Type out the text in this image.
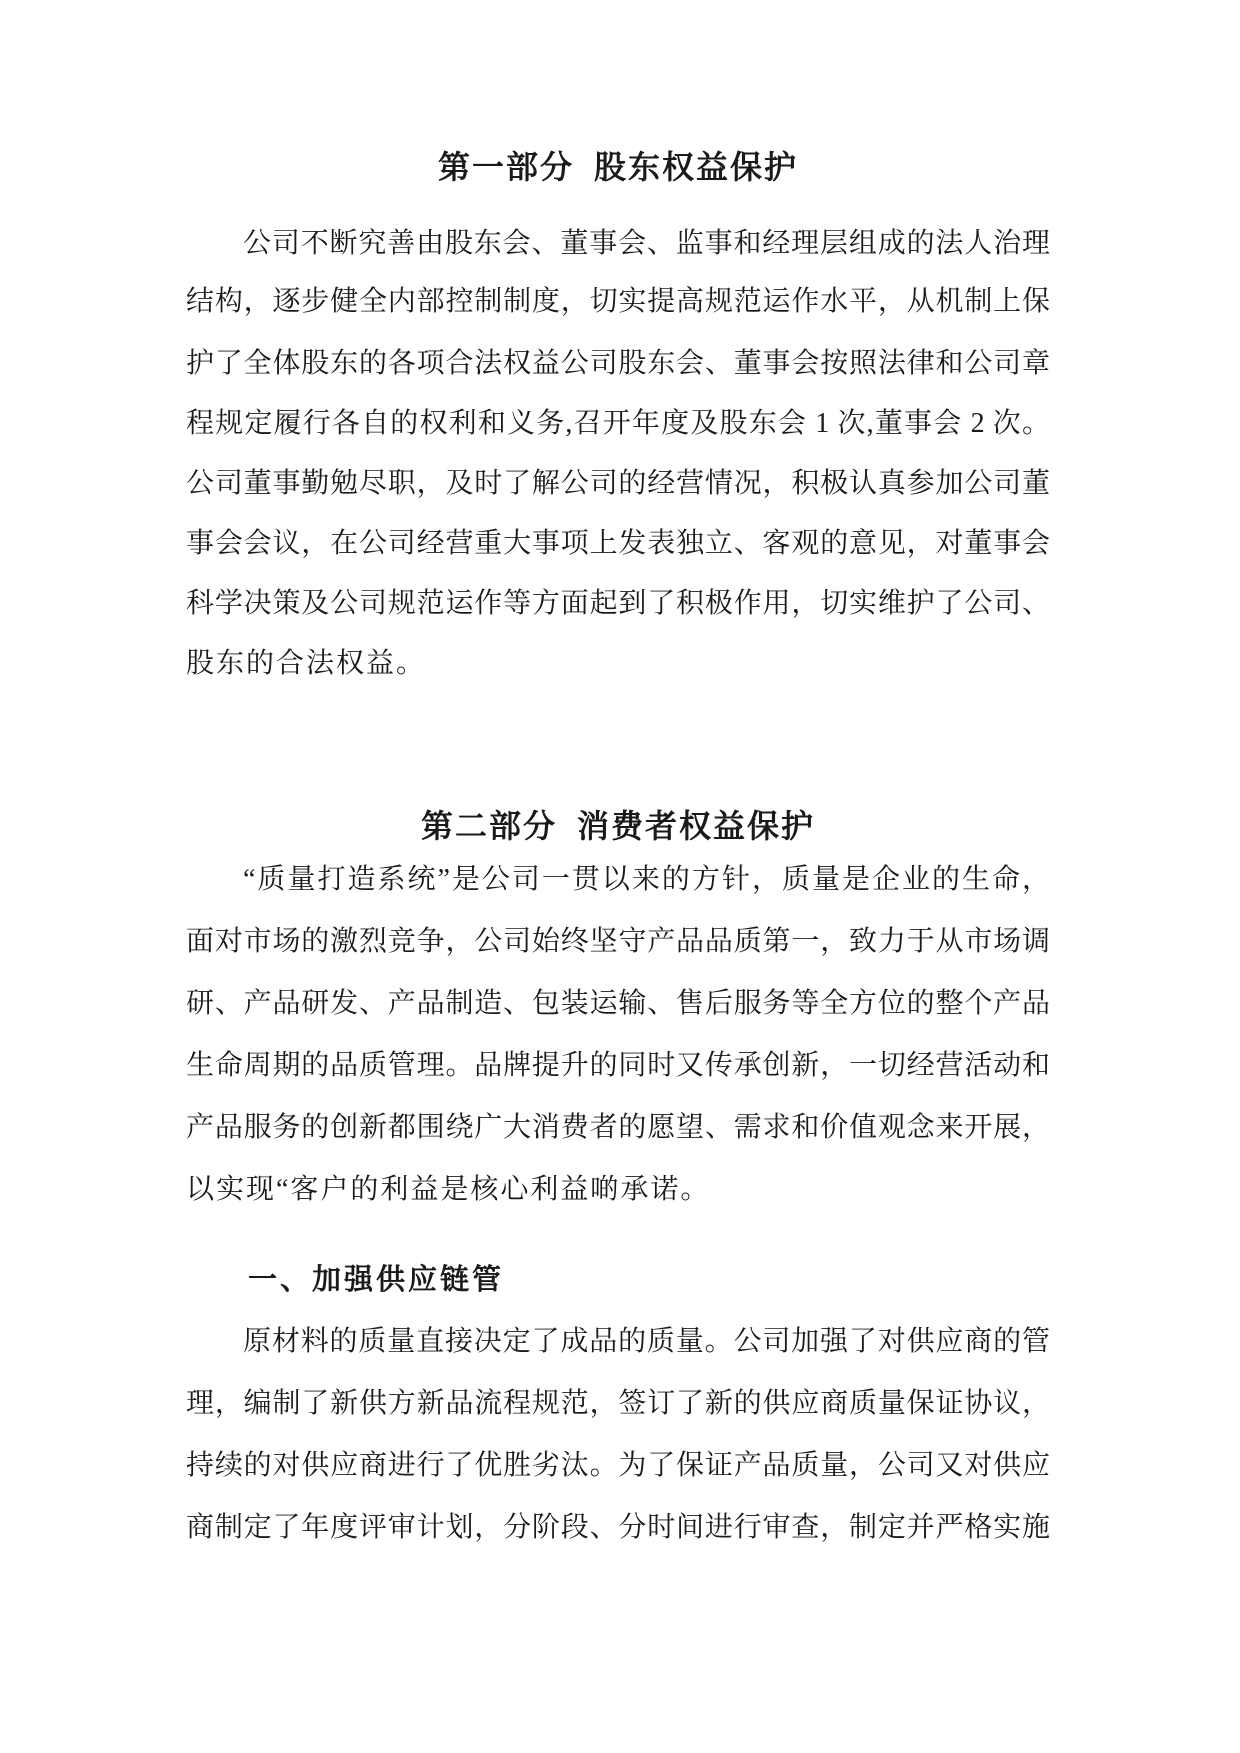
第一部分  股东权益保护
公司不断究善由股东会、董事会、监事和经理层组成的法人治理
结构，逐步健全内部控制制度，切实提高规范运作水平，从机制上保
护了全体股东的各项合法权益公司股东会、董事会按照法律和公司章
程规定履行各自的权利和义务,召开年度及股东会 1 次,董事会 2 次。
公司董事勤勉尽职，及时了解公司的经营情况，积极认真参加公司董
事会会议，在公司经营重大事项上发表独立、客观的意见，对董事会
科学决策及公司规范运作等方面起到了积极作用，切实维护了公司、
股东的合法权益。
第二部分  消费者权益保护
“质量打造系统”是公司一贯以来的方针，质量是企业的生命，
面对市场的激烈竞争，公司始终坚守产品品质第一，致力于从市场调
研、产品研发、产品制造、包装运输、售后服务等全方位的整个产品
生命周期的品质管理。品牌提升的同时又传承创新，一切经营活动和
产品服务的创新都围绕广大消费者的愿望、需求和价值观念来开展，
以实现“客户的利益是核心利益啲承诺。
一、加强供应链管
原材料的质量直接决定了成品的质量。公司加强了对供应商的管
理，编制了新供方新品流程规范，签订了新的供应商质量保证协议，
持续的对供应商进行了优胜劣汰。为了保证产品质量，公司又对供应
商制定了年度评审计划，分阶段、分时间进行审查，制定并严格实施
